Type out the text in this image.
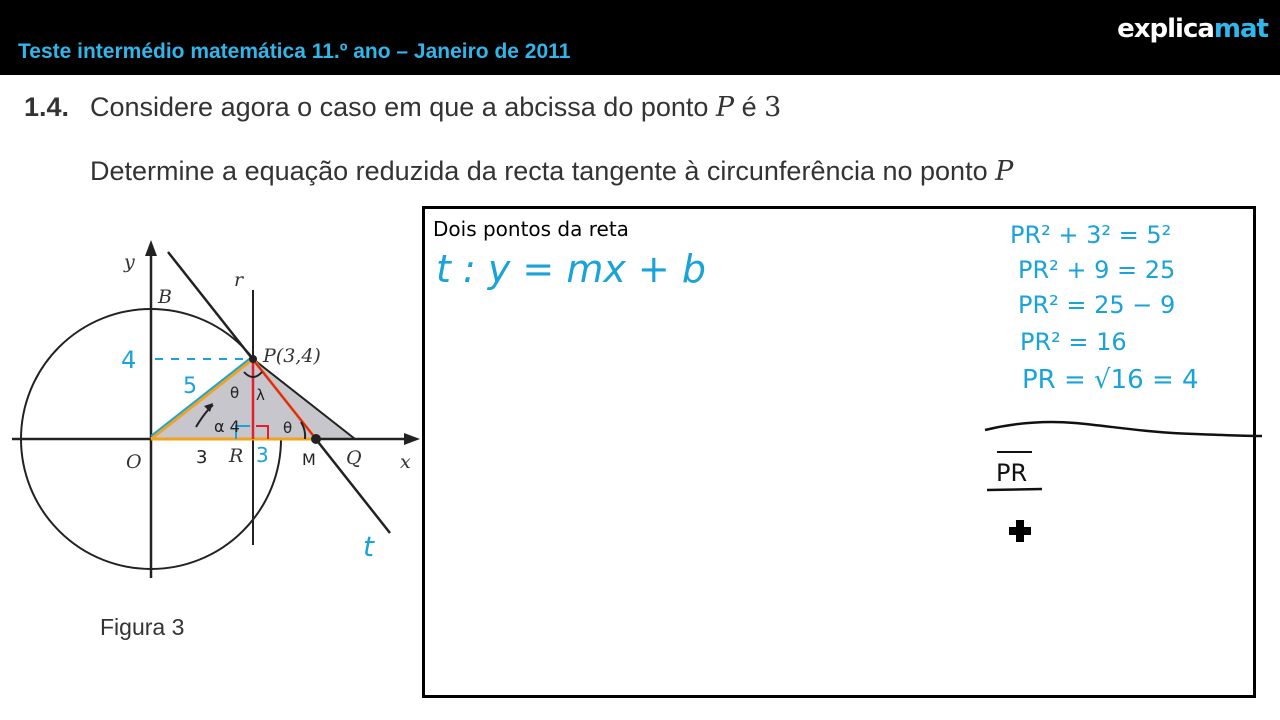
Teste intermédio matemática 11.º ano – Janeiro de 2011
explicamat
1.4. Considere agora o caso em que a abcissa do ponto P é 3
Determine a equação reduzida da recta tangente à circunferência no ponto P
y
x
r
B
O	R	Q
P(3,4)
4
5
3 3 M
t
α 4
θ λ
θ
Figura 3
Dois pontos da reta
t : y = mx + b
PR² + 3² = 5²
PR² + 9 = 25
PR² = 25 − 9
PR² = 16
PR = √16 = 4
PR
